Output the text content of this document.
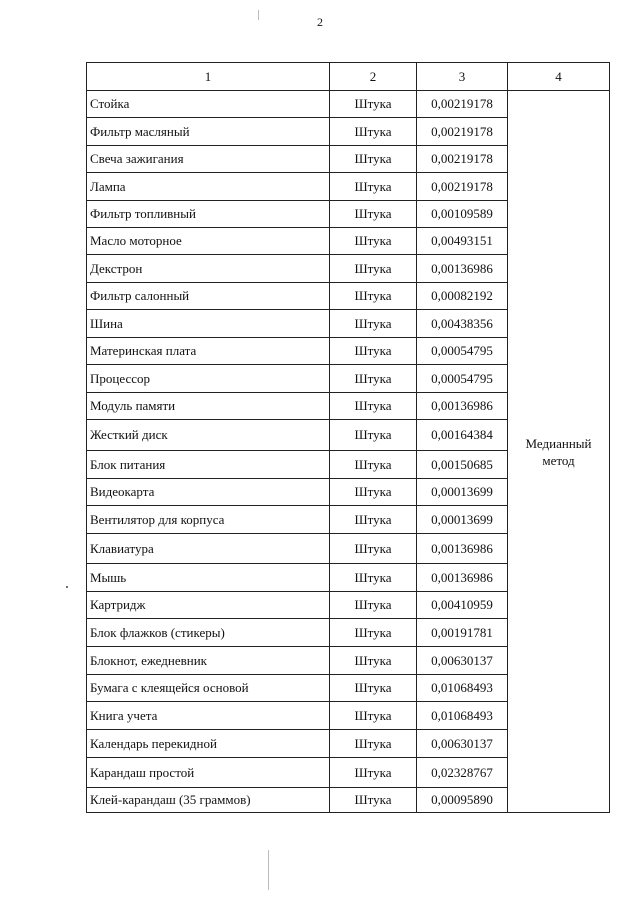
2
1	2	3	4
Стойка	Штука	0,00219178	Медианный метод
Фильтр масляный	Штука	0,00219178	
Свеча зажигания	Штука	0,00219178	
Лампа	Штука	0,00219178	
Фильтр топливный	Штука	0,00109589	
Масло моторное	Штука	0,00493151	
Декстрон	Штука	0,00136986	
Фильтр салонный	Штука	0,00082192	
Шина	Штука	0,00438356	
Материнская плата	Штука	0,00054795	
Процессор	Штука	0,00054795	
Модуль памяти	Штука	0,00136986	
Жесткий диск	Штука	0,00164384	
Блок питания	Штука	0,00150685	
Видеокарта	Штука	0,00013699	
Вентилятор для корпуса	Штука	0,00013699	
Клавиатура	Штука	0,00136986	
Мышь	Штука	0,00136986	
Картридж	Штука	0,00410959	
Блок флажков (стикеры)	Штука	0,00191781	
Блокнот, ежедневник	Штука	0,00630137	
Бумага с клеящейся основой	Штука	0,01068493	
Книга учета	Штука	0,01068493	
Календарь перекидной	Штука	0,00630137	
Карандаш простой	Штука	0,02328767	
Клей-карандаш (35 граммов)	Штука	0,00095890	
